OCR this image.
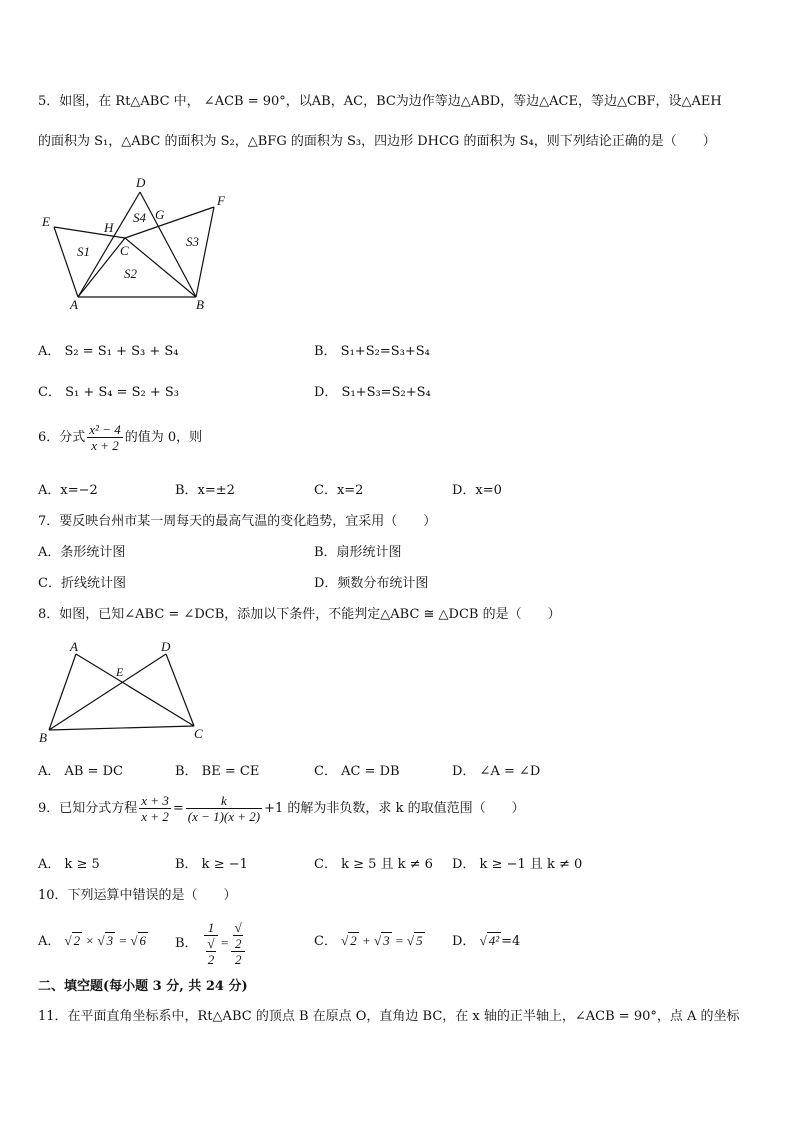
5．如图，在 Rt△ABC 中， ∠ACB = 90°，以AB，AC，BC为边作等边△ABD，等边△ACE，等边△CBF，设△AEH
的面积为 S₁，△ABC 的面积为 S₂，△BFG 的面积为 S₃，四边形 DHCG 的面积为 S₄，则下列结论正确的是（　　）
D
E
F
H
G
C
A	B
S1
S2
S3
S4
A． S₂ = S₁ + S₃ + S₄	B． S₁+S₂=S₃+S₄
C． S₁ + S₄ = S₂ + S₃	D． S₁+S₃=S₂+S₄
6．分式 $\frac{\text{x² − 4}}{x + 2}$ 的值为 0，则
A．x=−2	B．x=±2	C．x=2	D．x=0
7．要反映台州市某一周每天的最高气温的变化趋势，宜采用（　　）
A．条形统计图	B．扇形统计图
C．折线统计图	D．频数分布统计图
8．如图，已知∠ABC = ∠DCB，添加以下条件，不能判定△ABC ≅ △DCB 的是（　　）
A	D
E
B	C
A． AB = DC	B． BE = CE	C． AC = DB	D． ∠A = ∠D
9．已知分式方程 $\frac{x + 3}{x + 2} = \frac{k}{(x - 1)(x + 2)} +1$ 的解为非负数，求 k 的取值范围（　　）
A． k ≥ 5	B． k ≥ −1	C． k ≥ 5 且 k ≠ 6 D． k ≥ −1 且 k ≠ 0
10．下列运算中错误的是（　　）
A． √ 2 × √ 3 = √ 6 B． 1
√
2 = √
2
2	C． √ 2 + √ 3 = √ 5 D． √ 4² =4
二、填空题(每小题 3 分, 共 24 分)
11．在平面直角坐标系中，Rt△ABC 的顶点 B 在原点 O，直角边 BC，在 x 轴的正半轴上，∠ACB = 90°，点 A 的坐标
